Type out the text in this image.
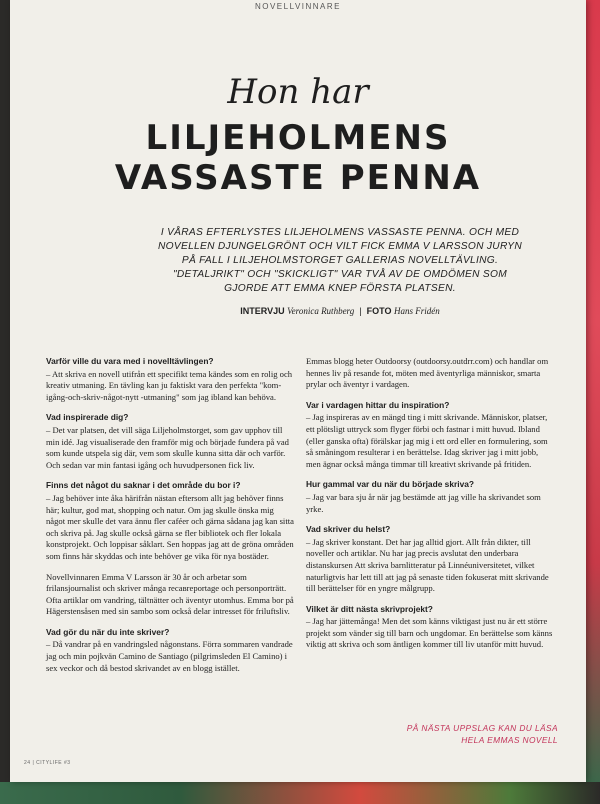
NOVELLVINNARE
Hon har
LILJEHOLMENS
VASSASTE PENNA
I VÅRAS EFTERLYSTES LILJEHOLMENS VASSASTE PENNA. OCH MED NOVELLEN DJUNGELGRÖNT OCH VILT FICK EMMA V LARSSON JURYN PÅ FALL I LILJEHOLMSTORGET GALLERIAS NOVELLTÄVLING. "DETALJRIKT" OCH "SKICKLIGT" VAR TVÅ AV DE OMDÖMEN SOM GJORDE ATT EMMA KNEP FÖRSTA PLATSEN.
INTERVJU Veronica Ruthberg | FOTO Hans Fridén

Varför ville du vara med i novelltävlingen?

– Att skriva en novell utifrån ett specifikt tema kändes som en rolig och kreativ utmaning. En tävling kan ju faktiskt vara den perfekta "kom-igång-och-skriv-något-nytt -utmaning" som jag ibland kan behöva.

Vad inspirerade dig?

– Det var platsen, det vill säga Liljeholmstorget, som gav upphov till min idé. Jag visualiserade den framför mig och började fundera på vad som kunde utspela sig där, vem som skulle kunna sitta där och varför. Och sedan var min fantasi igång och huvudpersonen fick liv.

Finns det något du saknar i det område du bor i?

– Jag behöver inte åka härifrån nästan eftersom allt jag behöver finns här; kultur, god mat, shopping och natur. Om jag skulle önska mig något mer skulle det vara ännu fler caféer och gärna sådana jag kan sitta och skriva på. Jag skulle också gärna se fler bibliotek och fler lokala konstprojekt. Och loppisar såklart. Sen hoppas jag att de gröna områden som finns här skyddas och inte behöver ge vika för nya bostäder.

Novellvinnaren Emma V Larsson är 30 år och arbetar som frilansjournalist och skriver många reсавreportage och personporträtt. Ofta artiklar om vandring, tältnätter och äventyr utomhus. Emma bor på Hägerstensåsen med sin sambo som också delar intresset för friluftsliv.

Vad gör du när du inte skriver?

– Då vandrar på en vandringsled någonstans. Förra sommaren vandrade jag och min pojkvän Camino de Santiago (pilgrimsleden El Camino) i sex veckor och då bestod skrivandet av en blogg istället.

Emmas blogg heter Outdoorsy (outdoorsy.outdrr.com) och handlar om hennes liv på resande fot, möten med äventyrliga människor, smarta prylar och äventyr i vardagen.

Var i vardagen hittar du inspiration?

– Jag inspireras av en mängd ting i mitt skrivande. Människor, platser, ett plötsligt uttryck som flyger förbi och fastnar i mitt huvud. Ibland (eller ganska ofta) förälskar jag mig i ett ord eller en formulering, som så småningom resulterar i en berättelse. Idag skriver jag i mitt jobb, men ägnar också många timmar till kreativt skrivande på fritiden.

Hur gammal var du när du började skriva?

– Jag var bara sju år när jag bestämde att jag ville ha skrivandet som yrke.

Vad skriver du helst?

– Jag skriver konstant. Det har jag alltid gjort. Allt från dikter, till noveller och artiklar. Nu har jag precis avslutat den underbara distanskursen Att skriva barnlitteratur på Linnéuniversitetet, vilket naturligtvis har lett till att jag på senaste tiden fokuserat mitt skrivande till berättelser för en yngre målgrupp.

Vilket är ditt nästa skrivprojekt?

– Jag har jättemånga! Men det som känns viktigast just nu är ett större projekt som vänder sig till barn och ungdomar. En berättelse som känns viktig att skriva och som äntligen kommer till liv utanför mitt huvud.

PÅ NÄSTA UPPSLAG KAN DU LÄSA
HELA EMMAS NOVELL
24 | CITYLIFE #3
